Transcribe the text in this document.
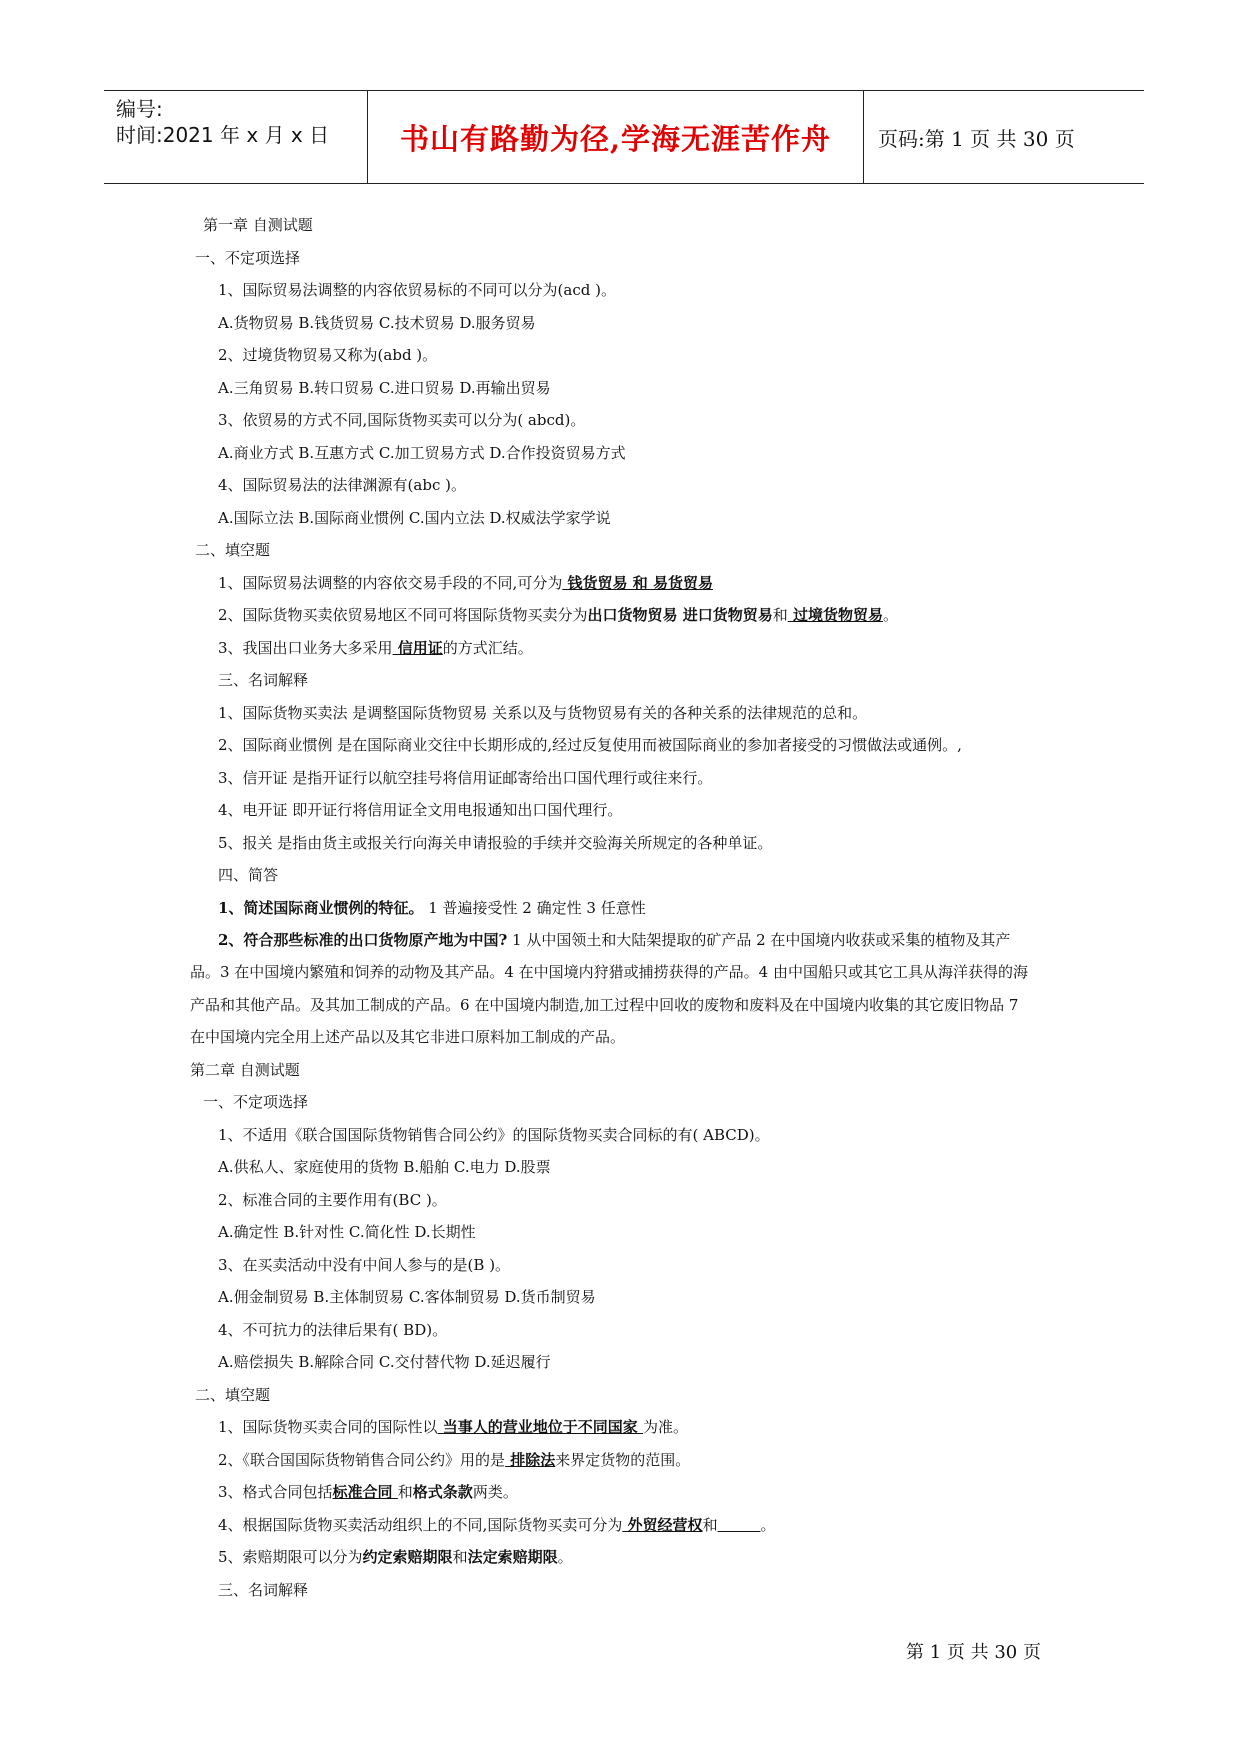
编号:
时间:2021 年 x 月 x 日	书山有路勤为径,学海无涯苦作舟	页码:第 1 页 共 30 页
第一章 自测试题
一、不定项选择
1、国际贸易法调整的内容依贸易标的不同可以分为(acd )。
A.货物贸易 B.钱货贸易 C.技术贸易 D.服务贸易
2、过境货物贸易又称为(abd )。
A.三角贸易 B.转口贸易 C.进口贸易 D.再输出贸易
3、依贸易的方式不同,国际货物买卖可以分为( abcd)。
A.商业方式 B.互惠方式 C.加工贸易方式 D.合作投资贸易方式
4、国际贸易法的法律渊源有(abc )。
A.国际立法 B.国际商业惯例 C.国内立法 D.权威法学家学说
二、填空题
1、国际贸易法调整的内容依交易手段的不同,可分为 钱货贸易 和 易货贸易
2、国际货物买卖依贸易地区不同可将国际货物买卖分为出口货物贸易 进口货物贸易和 过境货物贸易。
3、我国出口业务大多采用 信用证的方式汇结。
三、名词解释
1、国际货物买卖法 是调整国际货物贸易 关系以及与货物贸易有关的各种关系的法律规范的总和。
2、国际商业惯例 是在国际商业交往中长期形成的,经过反复使用而被国际商业的参加者接受的习惯做法或通例。,
3、信开证 是指开证行以航空挂号将信用证邮寄给出口国代理行或往来行。
4、电开证 即开证行将信用证全文用电报通知出口国代理行。
5、报关 是指由货主或报关行向海关申请报验的手续并交验海关所规定的各种单证。
四、简答
1、简述国际商业惯例的特征。 1 普遍接受性 2 确定性 3 任意性
2、符合那些标准的出口货物原产地为中国? 1 从中国领土和大陆架提取的矿产品 2 在中国境内收获或采集的植物及其产
品。3 在中国境内繁殖和饲养的动物及其产品。4 在中国境内狩猎或捕捞获得的产品。4 由中国船只或其它工具从海洋获得的海
产品和其他产品。及其加工制成的产品。6 在中国境内制造,加工过程中回收的废物和废料及在中国境内收集的其它废旧物品 7
在中国境内完全用上述产品以及其它非进口原料加工制成的产品。
第二章 自测试题
一、不定项选择
1、不适用《联合国国际货物销售合同公约》的国际货物买卖合同标的有( ABCD)。
A.供私人、家庭使用的货物 B.船舶 C.电力 D.股票
2、标准合同的主要作用有(BC )。
A.确定性 B.针对性 C.简化性 D.长期性
3、在买卖活动中没有中间人参与的是(B )。
A.佣金制贸易 B.主体制贸易 C.客体制贸易 D.货币制贸易
4、不可抗力的法律后果有( BD)。
A.赔偿损失 B.解除合同 C.交付替代物 D.延迟履行
二、填空题
1、国际货物买卖合同的国际性以 当事人的营业地位于不同国家 为准。
2、《联合国国际货物销售合同公约》用的是 排除法来界定货物的范围。
3、格式合同包括标准合同 和格式条款两类。
4、根据国际货物买卖活动组织上的不同,国际货物买卖可分为 外贸经营权和	。
5、索赔期限可以分为约定索赔期限和法定索赔期限。
三、名词解释
第 1 页 共 30 页
